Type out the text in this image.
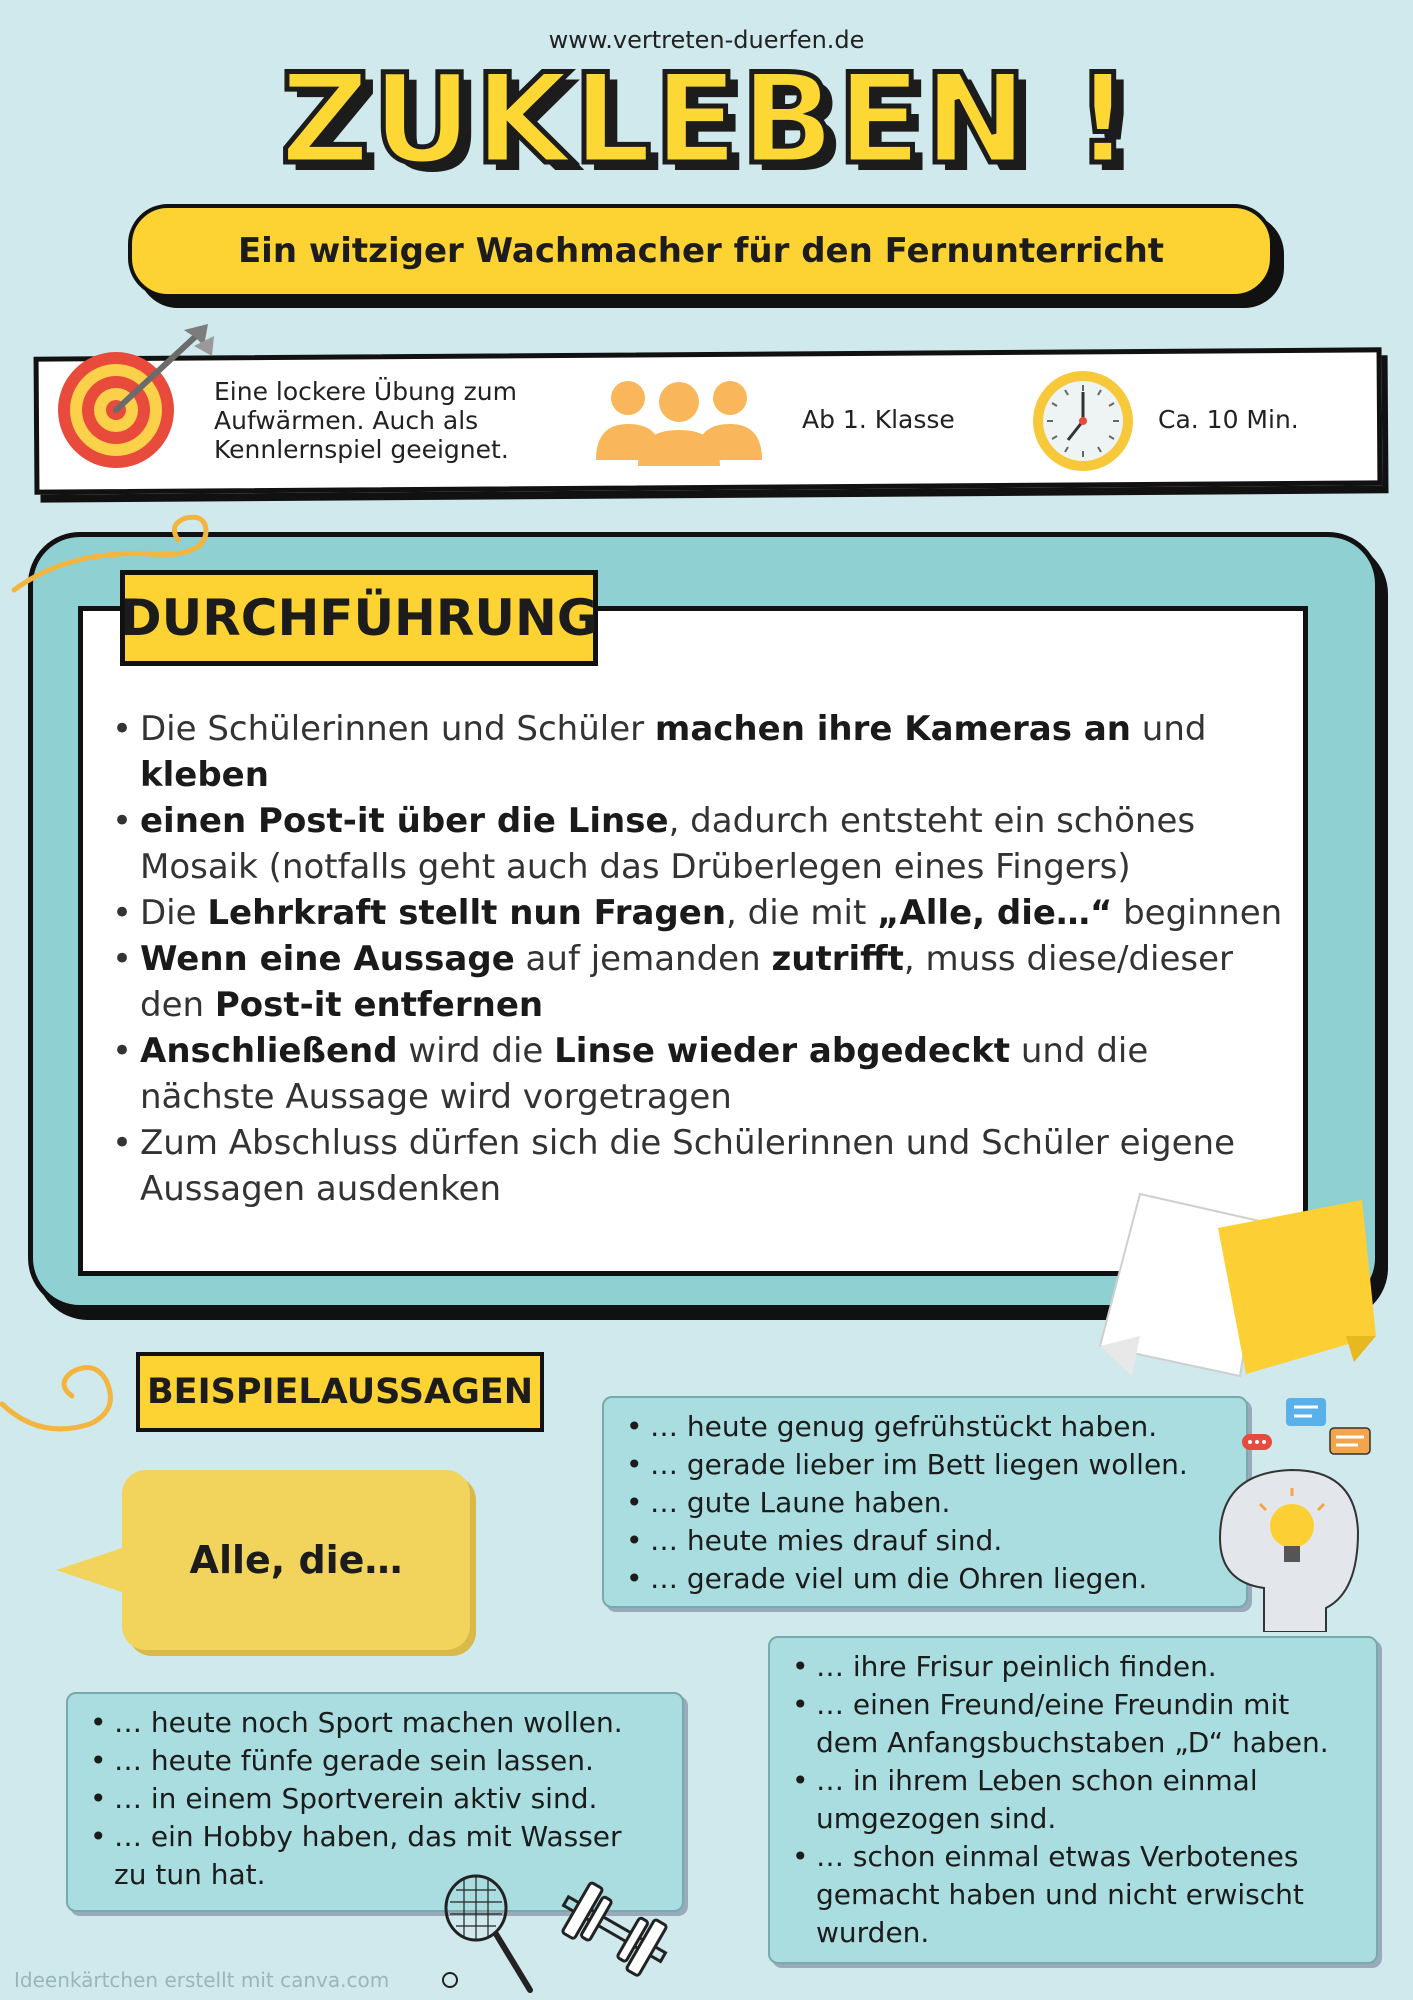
www.vertreten-duerfen.de
ZUKLEBEN !
Ein witziger Wachmacher für den Fernunterricht
Eine lockere Übung zum
Aufwärmen. Auch als
Kennlernspiel geeignet.
Ab 1. Klasse	Ca. 10 Min.
DURCHFÜHRUNG
• Die Schülerinnen und Schüler machen ihre Kameras an und kleben
• einen Post-it über die Linse, dadurch entsteht ein schönes Mosaik (notfalls geht auch das Drüberlegen eines Fingers)
• Die Lehrkraft stellt nun Fragen, die mit „Alle, die…“ beginnen
• Wenn eine Aussage auf jemanden zutrifft, muss diese/dieser den Post-it entfernen
• Anschließend wird die Linse wieder abgedeckt und die nächste Aussage wird vorgetragen
• Zum Abschluss dürfen sich die Schülerinnen und Schüler eigene Aussagen ausdenken
BEISPIELAUSSAGEN
Alle, die…
• … heute genug gefrühstückt haben.
• … gerade lieber im Bett liegen wollen.
• … gute Laune haben.
• … heute mies drauf sind.
• … gerade viel um die Ohren liegen.
• … ihre Frisur peinlich finden.
• … einen Freund/eine Freundin mit dem Anfangsbuchstaben „D“ haben.
• … in ihrem Leben schon einmal umgezogen sind.
• … schon einmal etwas Verbotenes gemacht haben und nicht erwischt wurden.
• … heute noch Sport machen wollen.
• … heute fünfe gerade sein lassen.
• … in einem Sportverein aktiv sind.
• … ein Hobby haben, das mit Wasser zu tun hat.
Ideenkärtchen erstellt mit canva.com
